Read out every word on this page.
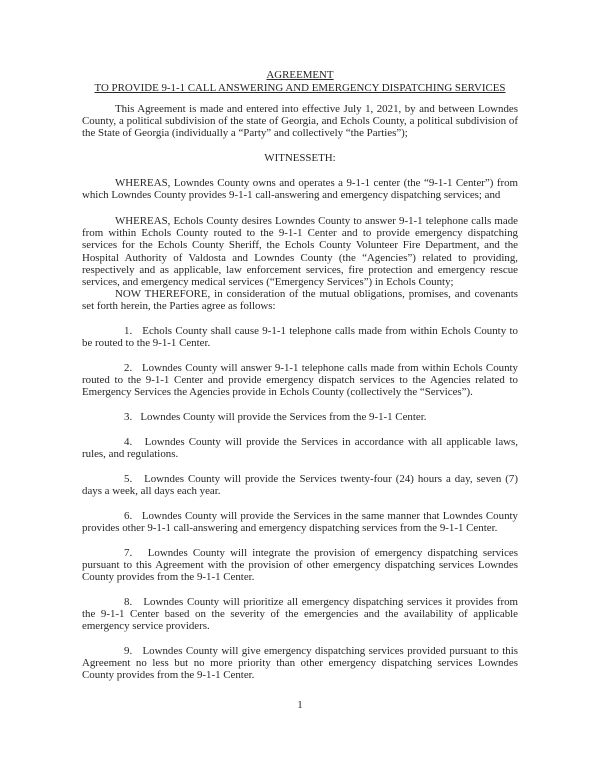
AGREEMENT

TO PROVIDE 9-1-1 CALL ANSWERING AND EMERGENCY DISPATCHING SERVICES

This Agreement is made and entered into effective July 1, 2021, by and between Lowndes County, a political subdivision of the state of Georgia, and Echols County, a political subdivision of the State of Georgia (individually a “Party” and collectively “the Parties”);

WITNESSETH:

WHEREAS, Lowndes County owns and operates a 9-1-1 center (the “9-1-1 Center”) from which Lowndes County provides 9-1-1 call-answering and emergency dispatching services; and

WHEREAS, Echols County desires Lowndes County to answer 9-1-1 telephone calls made from within Echols County routed to the 9-1-1 Center and to provide emergency dispatching services for the Echols County Sheriff, the Echols County Volunteer Fire Department, and the Hospital Authority of Valdosta and Lowndes County (the “Agencies”) related to providing, respectively and as applicable, law enforcement services, fire protection and emergency rescue services, and emergency medical services (“Emergency Services”) in Echols County;

NOW THEREFORE, in consideration of the mutual obligations, promises, and covenants set forth herein, the Parties agree as follows:

1.   Echols County shall cause 9-1-1 telephone calls made from within Echols County to be routed to the 9-1-1 Center.

2.   Lowndes County will answer 9-1-1 telephone calls made from within Echols County routed to the 9-1-1 Center and provide emergency dispatch services to the Agencies related to Emergency Services the Agencies provide in Echols County (collectively the “Services”).

3.   Lowndes County will provide the Services from the 9-1-1 Center.

4.   Lowndes County will provide the Services in accordance with all applicable laws, rules, and regulations.

5.   Lowndes County will provide the Services twenty-four (24) hours a day, seven (7) days a week, all days each year.

6.   Lowndes County will provide the Services in the same manner that Lowndes County provides other 9-1-1 call-answering and emergency dispatching services from the 9-1-1 Center.

7.   Lowndes County will integrate the provision of emergency dispatching services pursuant to this Agreement with the provision of other emergency dispatching services Lowndes County provides from the 9-1-1 Center.

8.   Lowndes County will prioritize all emergency dispatching services it provides from the 9-1-1 Center based on the severity of the emergencies and the availability of applicable emergency service providers.

9.   Lowndes County will give emergency dispatching services provided pursuant to this Agreement no less but no more priority than other emergency dispatching services Lowndes County provides from the 9-1-1 Center.

1
